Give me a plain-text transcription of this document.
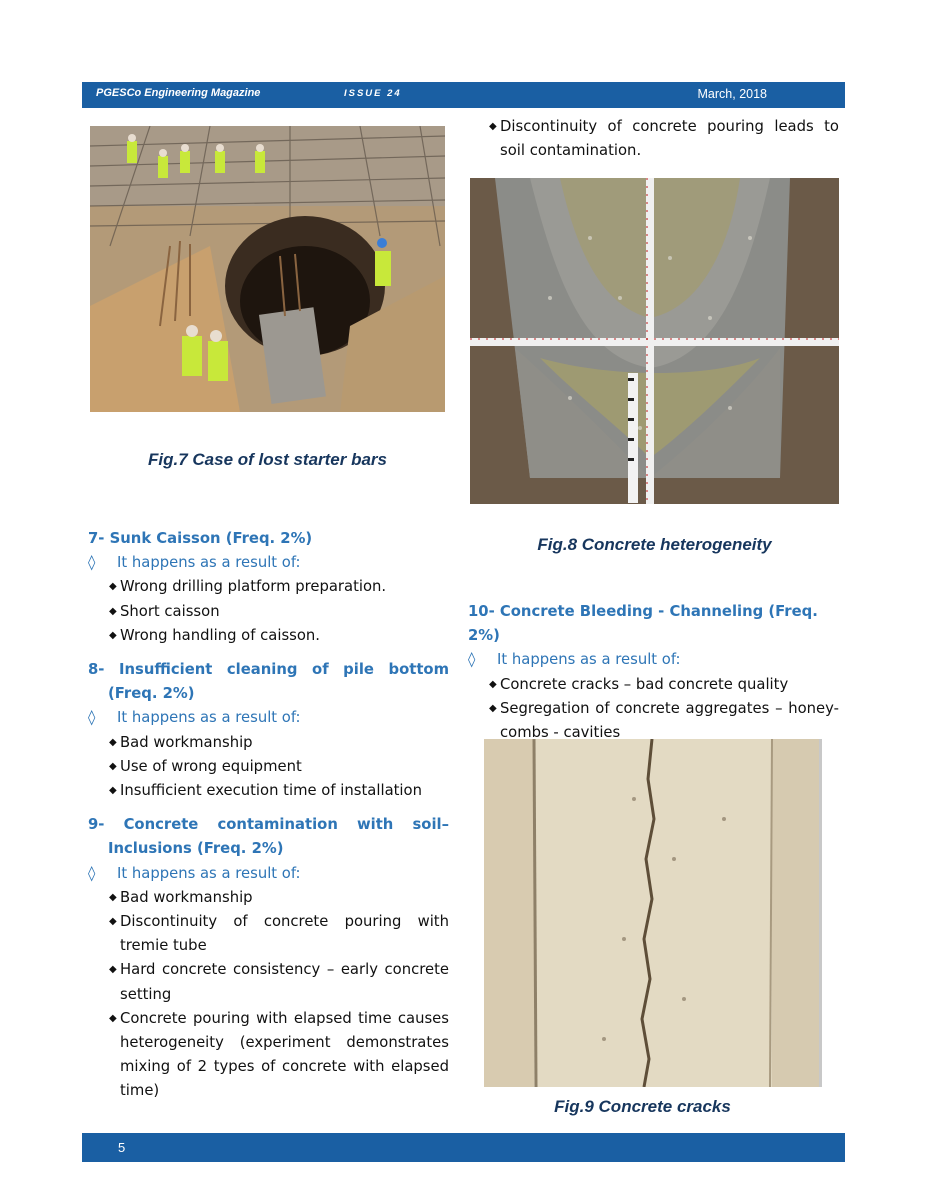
PGESCo Engineering Magazine	ISSUE 24	March, 2018
Fig.7 Case of lost starter bars
Fig.8 Concrete heterogeneity
Fig.9 Concrete cracks

7- Sunk Caisson (Freq. 2%)

◊ It happens as a result of:

◆ Wrong drilling platform preparation.

◆ Short caisson

◆ Wrong handling of caisson.

8- Insufficient cleaning of pile bottom (Freq. 2%)

◊ It happens as a result of:

◆ Bad workmanship

◆ Use of wrong equipment

◆ Insufficient execution time of installation

9- Concrete contamination with soil–

Inclusions (Freq. 2%)

◊ It happens as a result of:

◆ Bad workmanship

◆ Discontinuity of concrete pouring with tremie tube

◆ Hard concrete consistency – early concrete setting

◆ Concrete pouring with elapsed time causes heterogeneity (experiment demonstrates mixing of 2 types of concrete with elapsed time)

◆ Discontinuity of concrete pouring leads to soil contamination.

10- Concrete Bleeding - Channeling (Freq. 2%)

◊ It happens as a result of:

◆ Concrete cracks – bad concrete quality

◆ Segregation of concrete aggregates – honey-combs - cavities

5
